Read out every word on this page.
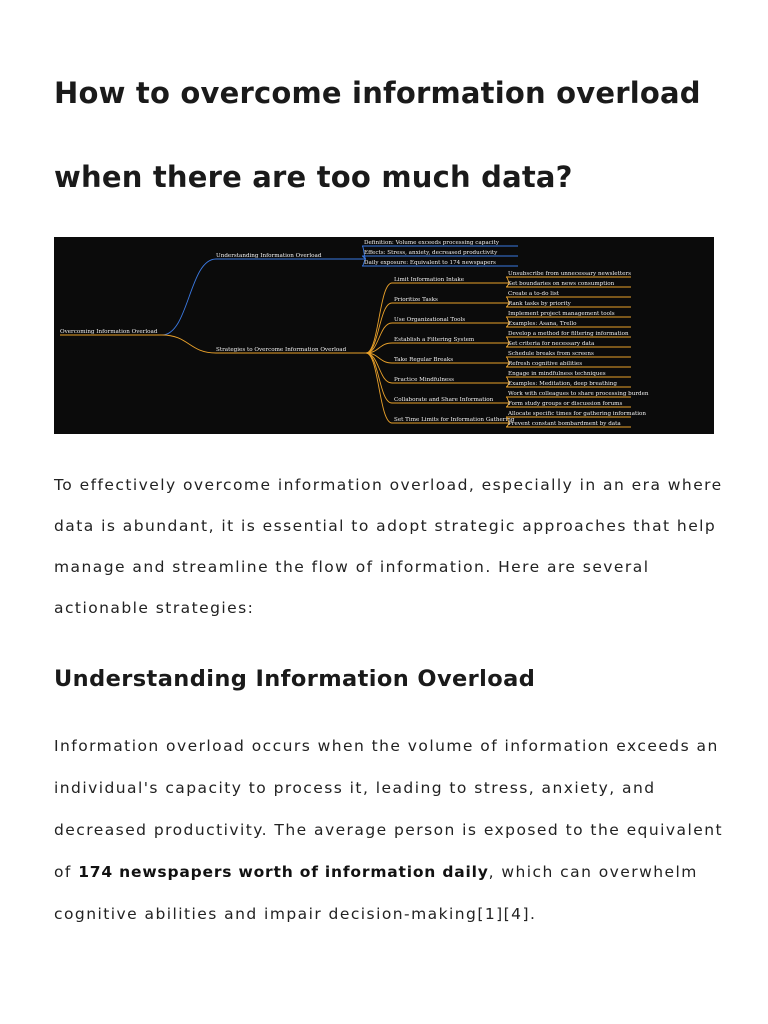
How to overcome information overload
when there are too much data?
Overcoming Information Overload
Understanding Information Overload
Definition: Volume exceeds processing capacity
Effects: Stress, anxiety, decreased productivity
Daily exposure: Equivalent to 174 newspapers
Strategies to Overcome Information Overload
Limit Information Intake
Unsubscribe from unnecessary newsletters
Set boundaries on news consumption
Prioritize Tasks
Create a to-do list
Rank tasks by priority
Use Organizational Tools
Implement project management tools
Examples: Asana, Trello
Establish a Filtering System
Develop a method for filtering information
Set criteria for necessary data
Take Regular Breaks
Schedule breaks from screens
Refresh cognitive abilities
Practice Mindfulness
Engage in mindfulness techniques
Examples: Meditation, deep breathing
Collaborate and Share Information
Work with colleagues to share processing burden
Form study groups or discussion forums
Set Time Limits for Information Gathering
Allocate specific times for gathering information
Prevent constant bombardment by data

To effectively overcome information overload, especially in an era where

data is abundant, it is essential to adopt strategic approaches that help

manage and streamline the flow of information. Here are several

actionable strategies:

Understanding Information Overload

Information overload occurs when the volume of information exceeds an

individual's capacity to process it, leading to stress, anxiety, and

decreased productivity. The average person is exposed to the equivalent

of 174 newspapers worth of information daily, which can overwhelm

cognitive abilities and impair decision-making[1][4].
